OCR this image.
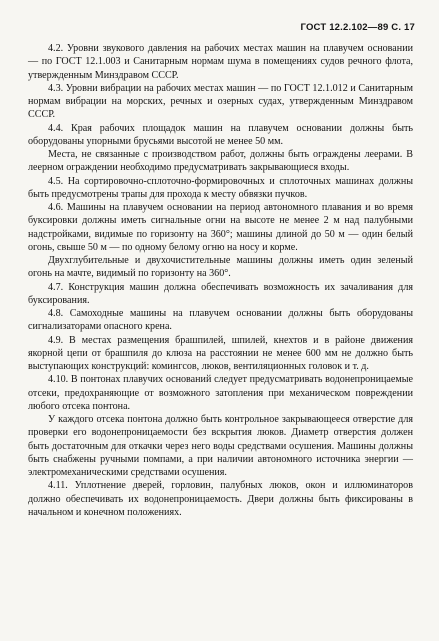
ГОСТ 12.2.102—89 С. 17

4.2. Уровни звукового давления на рабочих местах машин на плавучем основании — по ГОСТ 12.1.003 и Санитарным нормам шума в помещениях судов речного флота, утвержденным Минздравом СССР.

4.3. Уровни вибрации на рабочих местах машин — по ГОСТ 12.1.012 и Санитарным нормам вибрации на морских, речных и озерных судах, утвержденным Минздравом СССР.

4.4. Края рабочих площадок машин на плавучем основании должны быть оборудованы упорными брусьями высотой не менее 50 мм.

Места, не связанные с производством работ, должны быть ограждены леерами. В леерном ограждении необходимо предусматривать закрывающиеся входы.

4.5. На сортировочно-сплоточно-формировочных и сплоточных машинах должны быть предусмотрены трапы для прохода к месту обвязки пучков.

4.6. Машины на плавучем основании на период автономного плавания и во время буксировки должны иметь сигнальные огни на высоте не менее 2 м над палубными надстройками, видимые по горизонту на 360°; машины длиной до 50 м — один белый огонь, свыше 50 м — по одному белому огню на носу и корме.

Двухглубительные и двухочистительные машины должны иметь один зеленый огонь на мачте, видимый по горизонту на 360°.

4.7. Конструкция машин должна обеспечивать возможность их зачаливания для буксирования.

4.8. Самоходные машины на плавучем основании должны быть оборудованы сигнализаторами опасного крена.

4.9. В местах размещения брашпилей, шпилей, кнехтов и в районе движения якорной цепи от брашпиля до клюза на расстоянии не менее 600 мм не должно быть выступающих конструкций: комингсов, люков, вентиляционных головок и т. д.

4.10. В понтонах плавучих оснований следует предусматривать водонепроницаемые отсеки, предохраняющие от возможного затопления при механическом повреждении любого отсека понтона.

У каждого отсека понтона должно быть контрольное закрывающееся отверстие для проверки его водонепроницаемости без вскрытия люков. Диаметр отверстия должен быть достаточным для откачки через него воды средствами осушения. Машины должны быть снабжены ручными помпами, а при наличии автономного источника энергии — электромеханическими средствами осушения.

4.11. Уплотнение дверей, горловин, палубных люков, окон и иллюминаторов должно обеспечивать их водонепроницаемость. Двери должны быть фиксированы в начальном и конечном положениях.
